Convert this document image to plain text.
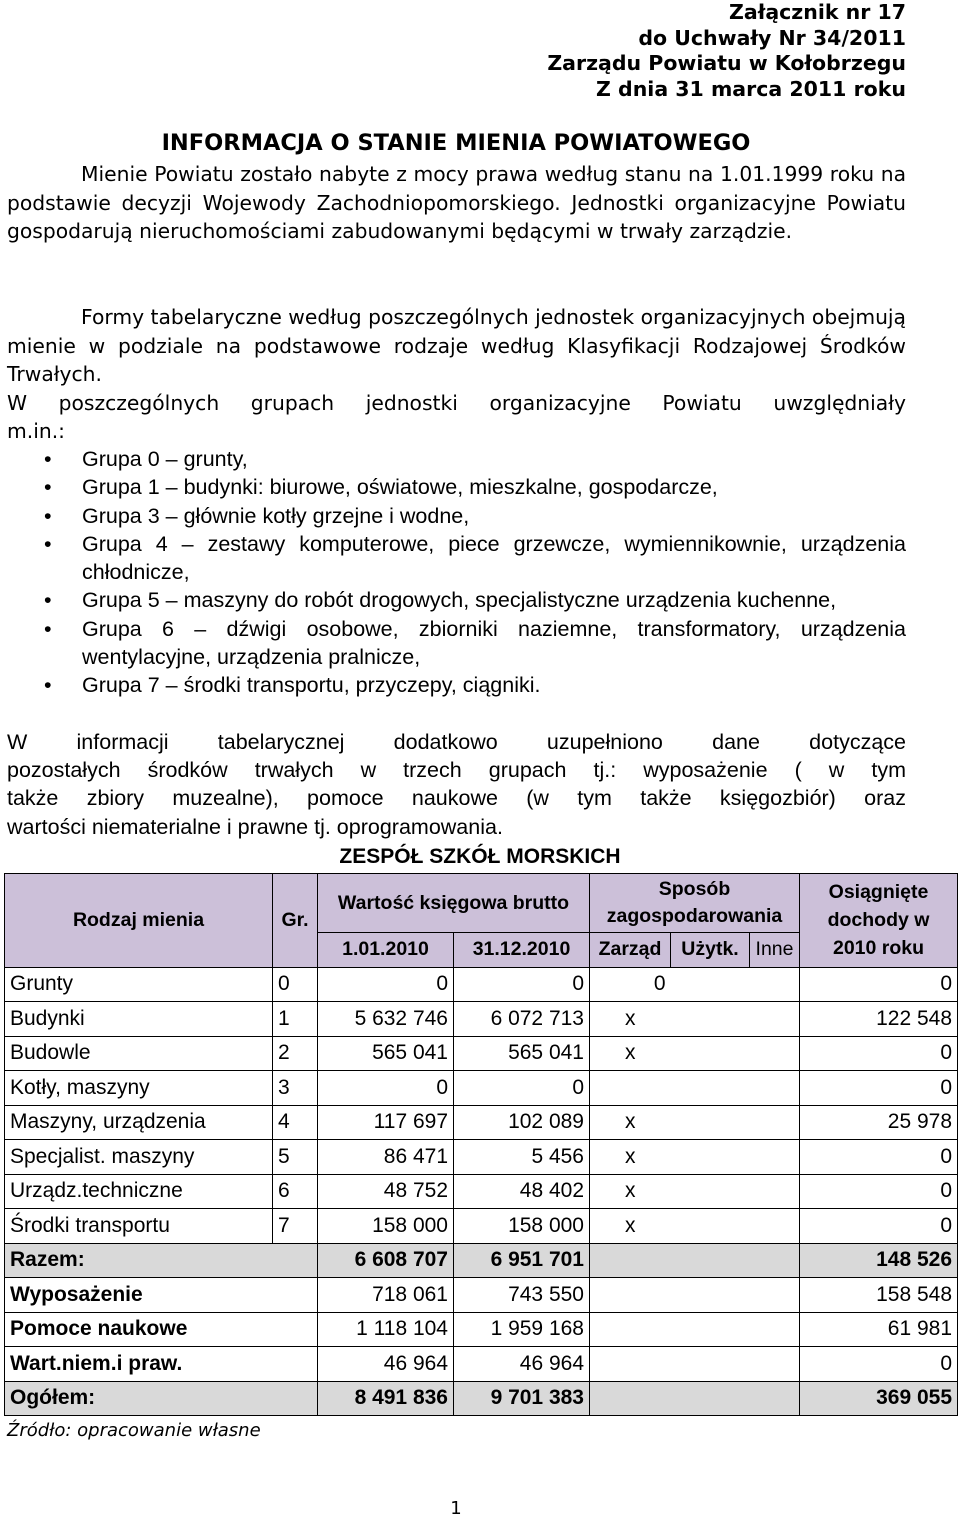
Załącznik nr 17
do Uchwały Nr 34/2011
Zarządu Powiatu w Kołobrzegu
Z dnia 31 marca 2011 roku
INFORMACJA O STANIE MIENIA POWIATOWEGO
Mienie Powiatu zostało nabyte z mocy prawa według stanu na 1.01.1999 roku na podstawie decyzji Wojewody Zachodniopomorskiego. Jednostki organizacyjne Powiatu gospodarują nieruchomościami zabudowanymi będącymi w trwały zarządzie.
Formy tabelaryczne według poszczególnych jednostek organizacyjnych obejmują mienie w podziale na podstawowe rodzaje według Klasyfikacji Rodzajowej Środków Trwałych.
W poszczególnych grupach jednostki organizacyjne Powiatu uwzględniały
m.in.:
• Grupa 0 – grunty,
• Grupa 1 – budynki: biurowe, oświatowe, mieszkalne, gospodarcze,
• Grupa 3 – głównie kotły grzejne i wodne,
• Grupa 4 – zestawy komputerowe, piece grzewcze, wymiennikownie, urządzenia chłodnicze,
• Grupa 5 – maszyny do robót drogowych, specjalistyczne urządzenia kuchenne,
• Grupa 6 – dźwigi osobowe, zbiorniki naziemne, transformatory, urządzenia wentylacyjne, urządzenia pralnicze,
• Grupa 7 – środki transportu, przyczepy, ciągniki.
W informacji tabelarycznej dodatkowo uzupełniono dane dotyczące
pozostałych środków trwałych w trzech grupach tj.: wyposażenie ( w tym
także zbiory muzealne), pomoce naukowe (w tym także księgozbiór) oraz
wartości niematerialne i prawne tj. oprogramowania.
ZESPÓŁ SZKÓŁ MORSKICH
Rodzaj mienia	Gr.	Wartość księgowa brutto		Sposób zagospodarowania			Osiągnięte dochody w 2010 roku
		1.01.2010	31.12.2010	Zarząd	Użytk.	Inne	
Grunty	0	0	0	0			0
Budynki	1	5 632 746	6 072 713	x			122 548
Budowle	2	565 041	565 041	x			0
Kotły, maszyny	3	0	0				0
Maszyny, urządzenia	4	117 697	102 089	x			25 978
Specjalist. maszyny	5	86 471	5 456	x			0
Urządz.techniczne	6	48 752	48 402	x			0
Środki transportu	7	158 000	158 000	x			0
Razem:		6 608 707	6 951 701				148 526
Wyposażenie		718 061	743 550				158 548
Pomoce naukowe		1 118 104	1 959 168				61 981
Wart.niem.i praw.		46 964	46 964				0
Ogółem:		8 491 836	9 701 383				369 055
Źródło: opracowanie własne
1
